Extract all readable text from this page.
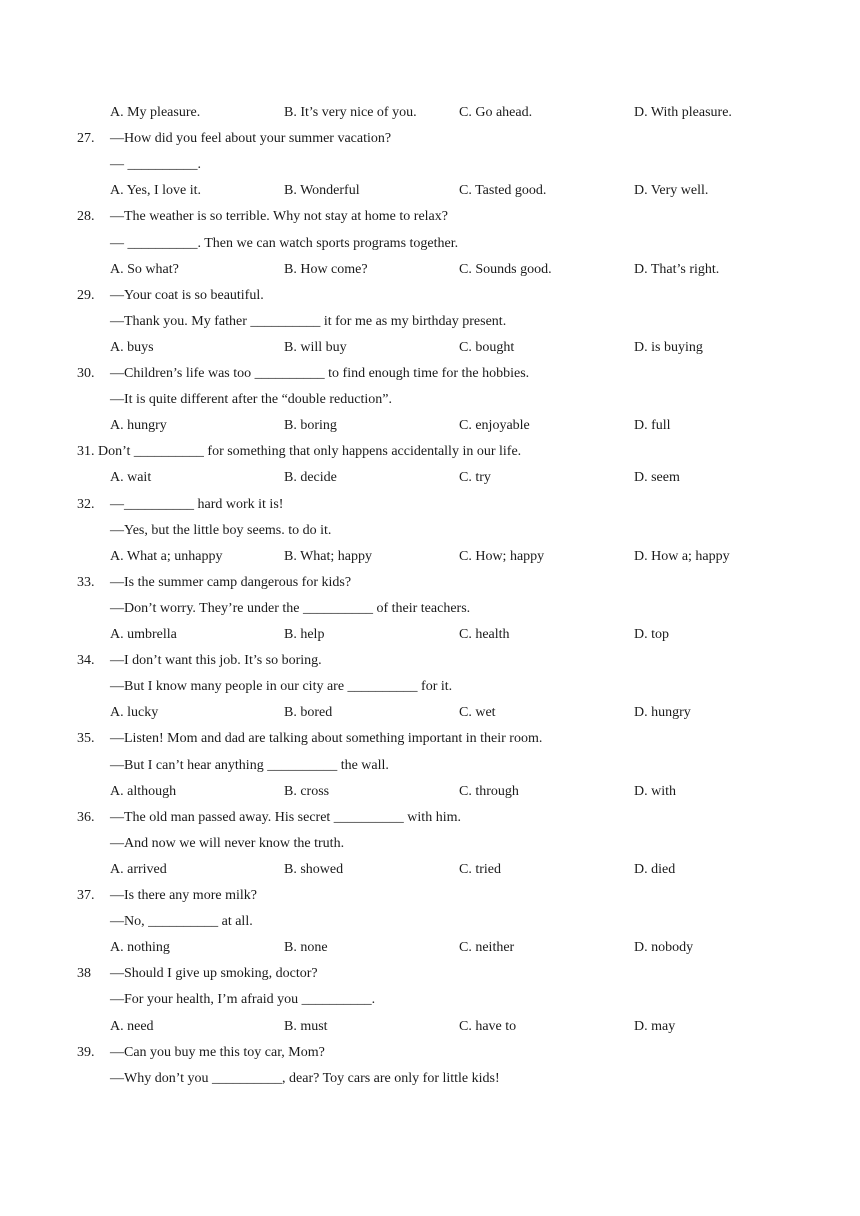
A. My pleasure.	B. It’s very nice of you.	C. Go ahead.	D. With pleasure.
27. —How did you feel about your summer vacation?
— __________.
A. Yes, I love it.	B. Wonderful	C. Tasted good.	D. Very well.
28. —The weather is so terrible. Why not stay at home to relax?
— __________. Then we can watch sports programs together.
A. So what?	B. How come?	C. Sounds good.	D. That’s right.
29. —Your coat is so beautiful.
—Thank you. My father __________ it for me as my birthday present.
A. buys	B. will buy	C. bought	D. is buying
30. —Children’s life was too __________ to find enough time for the hobbies.
—It is quite different after the “double reduction”.
A. hungry	B. boring	C. enjoyable	D. full
31. Don’t __________ for something that only happens accidentally in our life.
A. wait	B. decide	C. try	D. seem
32. —__________ hard work it is!
—Yes, but the little boy seems. to do it.
A. What a; unhappy	B. What; happy	C. How; happy	D. How a; happy
33. —Is the summer camp dangerous for kids?
—Don’t worry. They’re under the __________ of their teachers.
A. umbrella	B. help	C. health	D. top
34. —I don’t want this job. It’s so boring.
—But I know many people in our city are __________ for it.
A. lucky	B. bored	C. wet	D. hungry
35. —Listen! Mom and dad are talking about something important in their room.
—But I can’t hear anything __________ the wall.
A. although	B. cross	C. through	D. with
36. —The old man passed away. His secret __________ with him.
—And now we will never know the truth.
A. arrived	B. showed	C. tried	D. died
37. —Is there any more milk?
—No, __________ at all.
A. nothing	B. none	C. neither	D. nobody
38 —Should I give up smoking, doctor?
—For your health, I’m afraid you __________.
A. need	B. must	C. have to	D. may
39. —Can you buy me this toy car, Mom?
—Why don’t you __________, dear? Toy cars are only for little kids!
